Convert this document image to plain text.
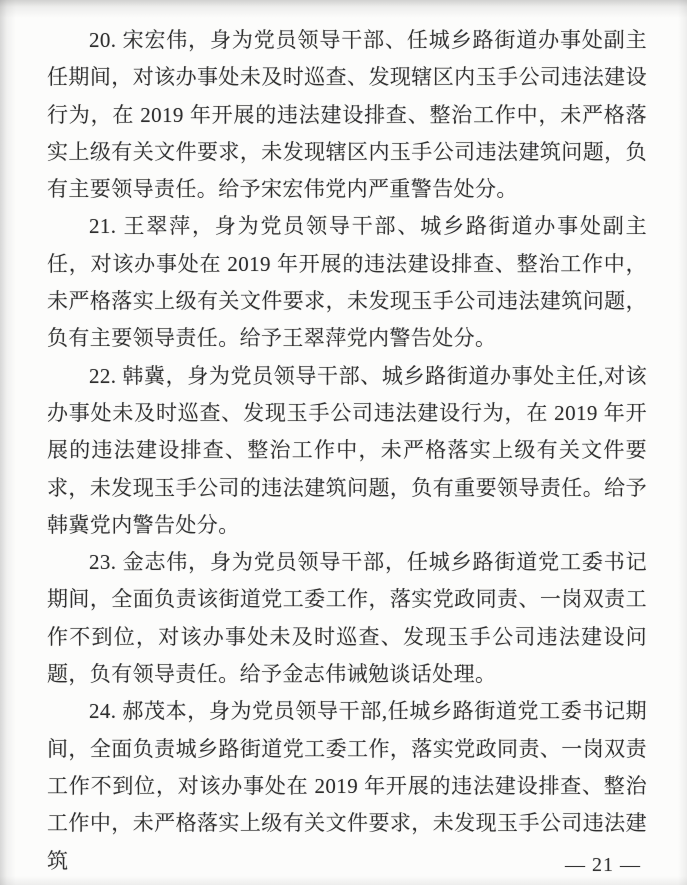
20. 宋宏伟，身为党员领导干部、任城乡路街道办事处副主任期间，对该办事处未及时巡查、发现辖区内玉手公司违法建设行为，在 2019 年开展的违法建设排查、整治工作中，未严格落实上级有关文件要求，未发现辖区内玉手公司违法建筑问题，负有主要领导责任。给予宋宏伟党内严重警告处分。

21. 王翠萍，身为党员领导干部、城乡路街道办事处副主任，对该办事处在 2019 年开展的违法建设排查、整治工作中，未严格落实上级有关文件要求，未发现玉手公司违法建筑问题，负有主要领导责任。给予王翠萍党内警告处分。

22. 韩冀，身为党员领导干部、城乡路街道办事处主任,对该办事处未及时巡查、发现玉手公司违法建设行为，在 2019 年开展的违法建设排查、整治工作中，未严格落实上级有关文件要求，未发现玉手公司的违法建筑问题，负有重要领导责任。给予韩冀党内警告处分。

23. 金志伟，身为党员领导干部，任城乡路街道党工委书记期间，全面负责该街道党工委工作，落实党政同责、一岗双责工作不到位，对该办事处未及时巡查、发现玉手公司违法建设问题，负有领导责任。给予金志伟诫勉谈话处理。

24. 郝茂本，身为党员领导干部,任城乡路街道党工委书记期间，全面负责城乡路街道党工委工作，落实党政同责、一岗双责工作不到位，对该办事处在 2019 年开展的违法建设排查、整治工作中，未严格落实上级有关文件要求，未发现玉手公司违法建筑	— 21 —
